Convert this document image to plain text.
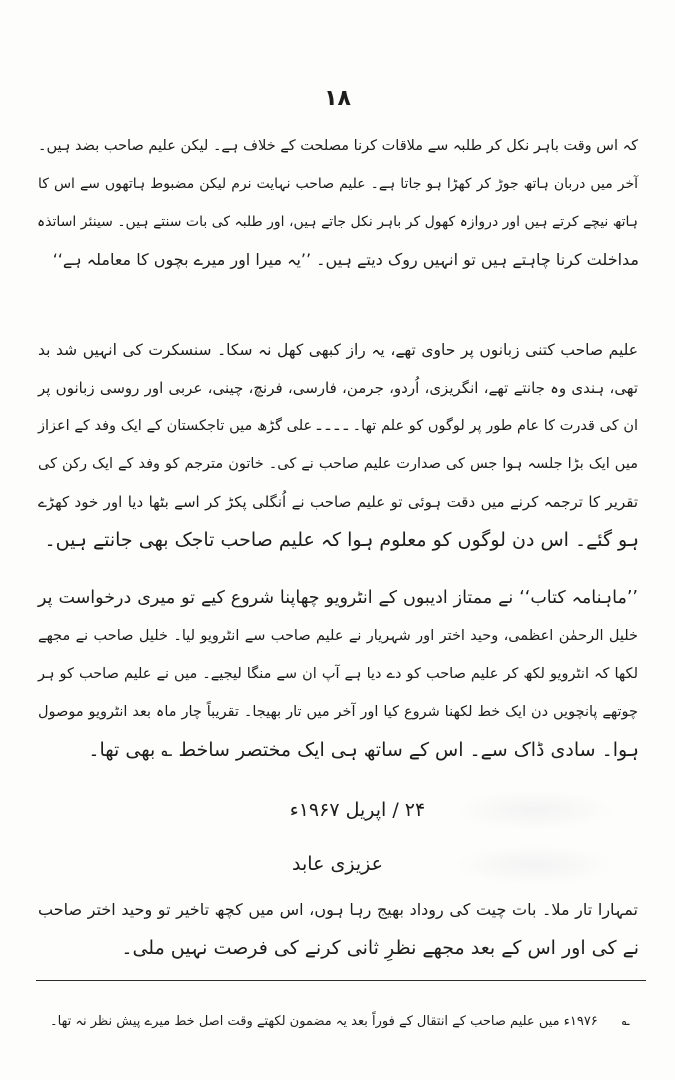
۱۸
کہ اس وقت باہر نکل کر طلبہ سے ملاقات کرنا مصلحت کے خلاف ہے۔ لیکن علیم صاحب بضد ہیں۔
آخر میں دربان ہاتھ جوڑ کر کھڑا ہو جاتا ہے۔ علیم صاحب نہایت نرم لیکن مضبوط ہاتھوں سے اس کا
ہاتھ نیچے کرتے ہیں اور دروازہ کھول کر باہر نکل جاتے ہیں، اور طلبہ کی بات سنتے ہیں۔ سینئر اساتذہ
مداخلت کرنا چاہتے ہیں تو انہیں روک دیتے ہیں۔ ’’یہ میرا اور میرے بچوں کا معاملہ ہے‘‘
علیم صاحب کتنی زبانوں پر حاوی تھے، یہ راز کبھی کھل نہ سکا۔ سنسکرت کی انہیں شد بد
تھی، ہندی وہ جانتے تھے، انگریزی، اُردو، جرمن، فارسی، فرنچ، چینی، عربی اور روسی زبانوں پر
ان کی قدرت کا عام طور پر لوگوں کو علم تھا۔ ـ ـ ـ ـ علی گڑھ میں تاجکستان کے ایک وفد کے اعزاز
میں ایک بڑا جلسہ ہوا جس کی صدارت علیم صاحب نے کی۔ خاتون مترجم کو وفد کے ایک رکن کی
تقریر کا ترجمہ کرنے میں دقت ہوئی تو علیم صاحب نے اُنگلی پکڑ کر اسے بٹھا دیا اور خود کھڑے
ہو گئے۔ اس دن لوگوں کو معلوم ہوا کہ علیم صاحب تاجک بھی جانتے ہیں۔
’’ماہنامہ کتاب‘‘ نے ممتاز ادیبوں کے انٹرویو چھاپنا شروع کیے تو میری درخواست پر
خلیل الرحمٰن اعظمی، وحید اختر اور شہریار نے علیم صاحب سے انٹرویو لیا۔ خلیل صاحب نے مجھے
لکھا کہ انٹرویو لکھ کر علیم صاحب کو دے دیا ہے آپ ان سے منگا لیجیے۔ میں نے علیم صاحب کو ہر
چوتھے پانچویں دن ایک خط لکھنا شروع کیا اور آخر میں تار بھیجا۔ تقریباً چار ماہ بعد انٹرویو موصول
ہوا۔ سادی ڈاک سے۔ اس کے ساتھ ہی ایک مختصر ساخط ؎ بھی تھا۔
۲۴ / اپریل ۱۹۶۷ء
عزیزی عابد
تمہارا تار ملا۔ بات چیت کی روداد بھیج رہا ہوں، اس میں کچھ تاخیر تو وحید اختر صاحب
نے کی اور اس کے بعد مجھے نظرِ ثانی کرنے کی فرصت نہیں ملی۔
؎۱۹۷۶ء میں علیم صاحب کے انتقال کے فوراً بعد یہ مضمون لکھتے وقت اصل خط میرے پیش نظر نہ تھا۔
